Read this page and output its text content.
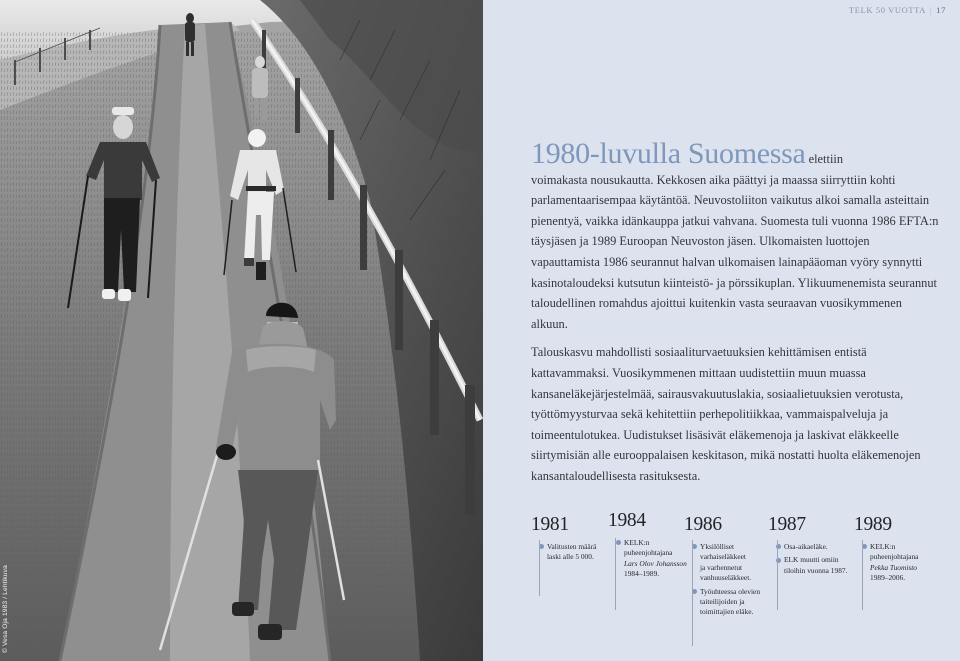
© Vesa Oja 1983 / Lehtikuva
TELK 50 VUOTTA | 17

1980-luvulla Suomessa elettiin
voimakasta nousukautta. Kekkosen aika päättyi ja maassa siirryttiin kohti parlamentaarisempaa käytäntöä. Neuvostoliiton vaikutus alkoi samalla asteittain pienentyä, vaikka idänkauppa jatkui vahvana. Suomesta tuli vuonna 1986 EFTA:n täysjäsen ja 1989 Euroopan Neuvoston jäsen. Ulkomaisten luottojen vapauttamista 1986 seurannut halvan ulkomaisen lainapääoman vyöry synnytti kasinotaloudeksi kutsutun kiinteistö- ja pörssikuplan. Ylikuumenemista seurannut taloudellinen romahdus ajoittui kuitenkin vasta seuraavan vuosikymmenen alkuun.

Talouskasvu mahdollisti sosiaaliturvaetuuksien kehittämisen entistä kattavammaksi. Vuosikymmenen mittaan uudistettiin muun muassa kansaneläkejärjestelmää, sairausvakuutuslakia, sosiaalietuuksien verotusta, työttömyysturvaa sekä kehitettiin perhepolitiikkaa, vammaispalveluja ja toimeentulotukea. Uudistukset lisäsivät eläkemenoja ja laskivat eläkkeelle siirtymisiän alle eurooppalaisen keskitason, mikä nostatti huolta eläkemenojen kansantaloudellisesta rasituksesta.

1981
Valitusten määrä
laski alle 5 000.

1984
KELK:n
puheenjohtajana
Lars Olov Johansson
1984–1989.
1986
Yksilölliset
varhaiseläkkeet
ja varhennetut
vanhuuseläkkeet.

Työuhteessa olevien
taiteilijoiden ja
toimittajien eläke.

1987
Osa-aikaeläke.

ELK muutti omiin
tiloihin vuonna 1987.

1989
KELK:n
puheenjohtajana
Pekka Tuomisto
1989–2006.
